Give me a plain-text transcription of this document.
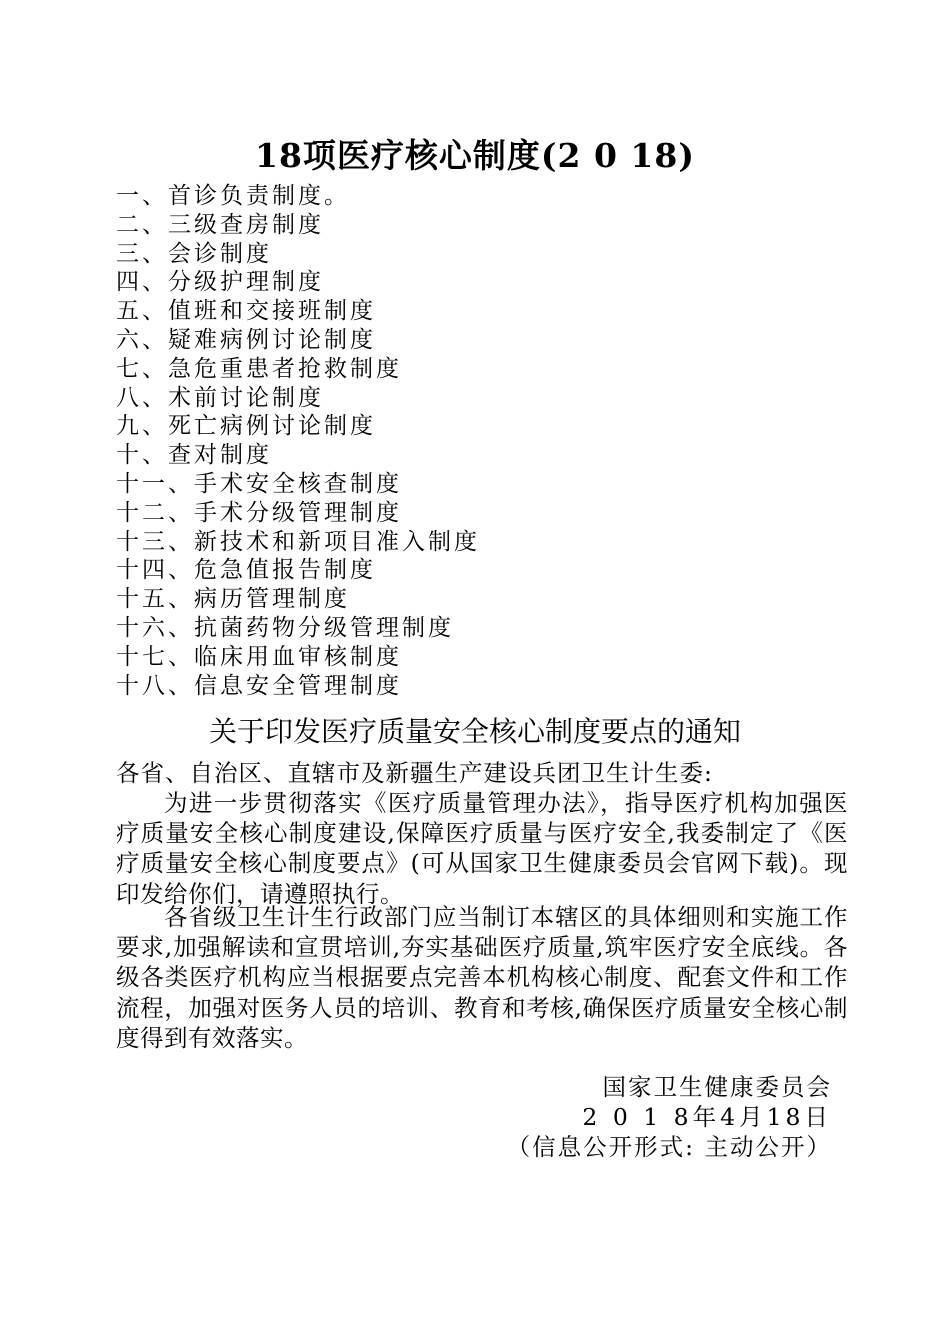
18项医疗核心制度(2 0 18)
一、首诊负责制度。
二、三级查房制度
三、会诊制度
四、分级护理制度
五、值班和交接班制度
六、疑难病例讨论制度
七、急危重患者抢救制度
八、术前讨论制度
九、死亡病例讨论制度
十、查对制度
十一、手术安全核查制度
十二、手术分级管理制度
十三、新技术和新项目准入制度
十四、危急值报告制度
十五、病历管理制度
十六、抗菌药物分级管理制度
十七、临床用血审核制度
十八、信息安全管理制度
关于印发医疗质量安全核心制度要点的通知
各省、自治区、直辖市及新疆生产建设兵团卫生计生委:

为进一步贯彻落实《医疗质量管理办法》，指导医疗机构加强医疗质量安全核心制度建设,保障医疗质量与医疗安全,我委制定了《医疗质量安全核心制度要点》(可从国家卫生健康委员会官网下载)。现印发给你们，请遵照执行。

各省级卫生计生行政部门应当制订本辖区的具体细则和实施工作要求,加强解读和宣贯培训,夯实基础医疗质量,筑牢医疗安全底线。各级各类医疗机构应当根据要点完善本机构核心制度、配套文件和工作流程，加强对医务人员的培训、教育和考核,确保医疗质量安全核心制度得到有效落实。

国家卫生健康委员会
2 0 1 8年4月18日
（信息公开形式: 主动公开）
